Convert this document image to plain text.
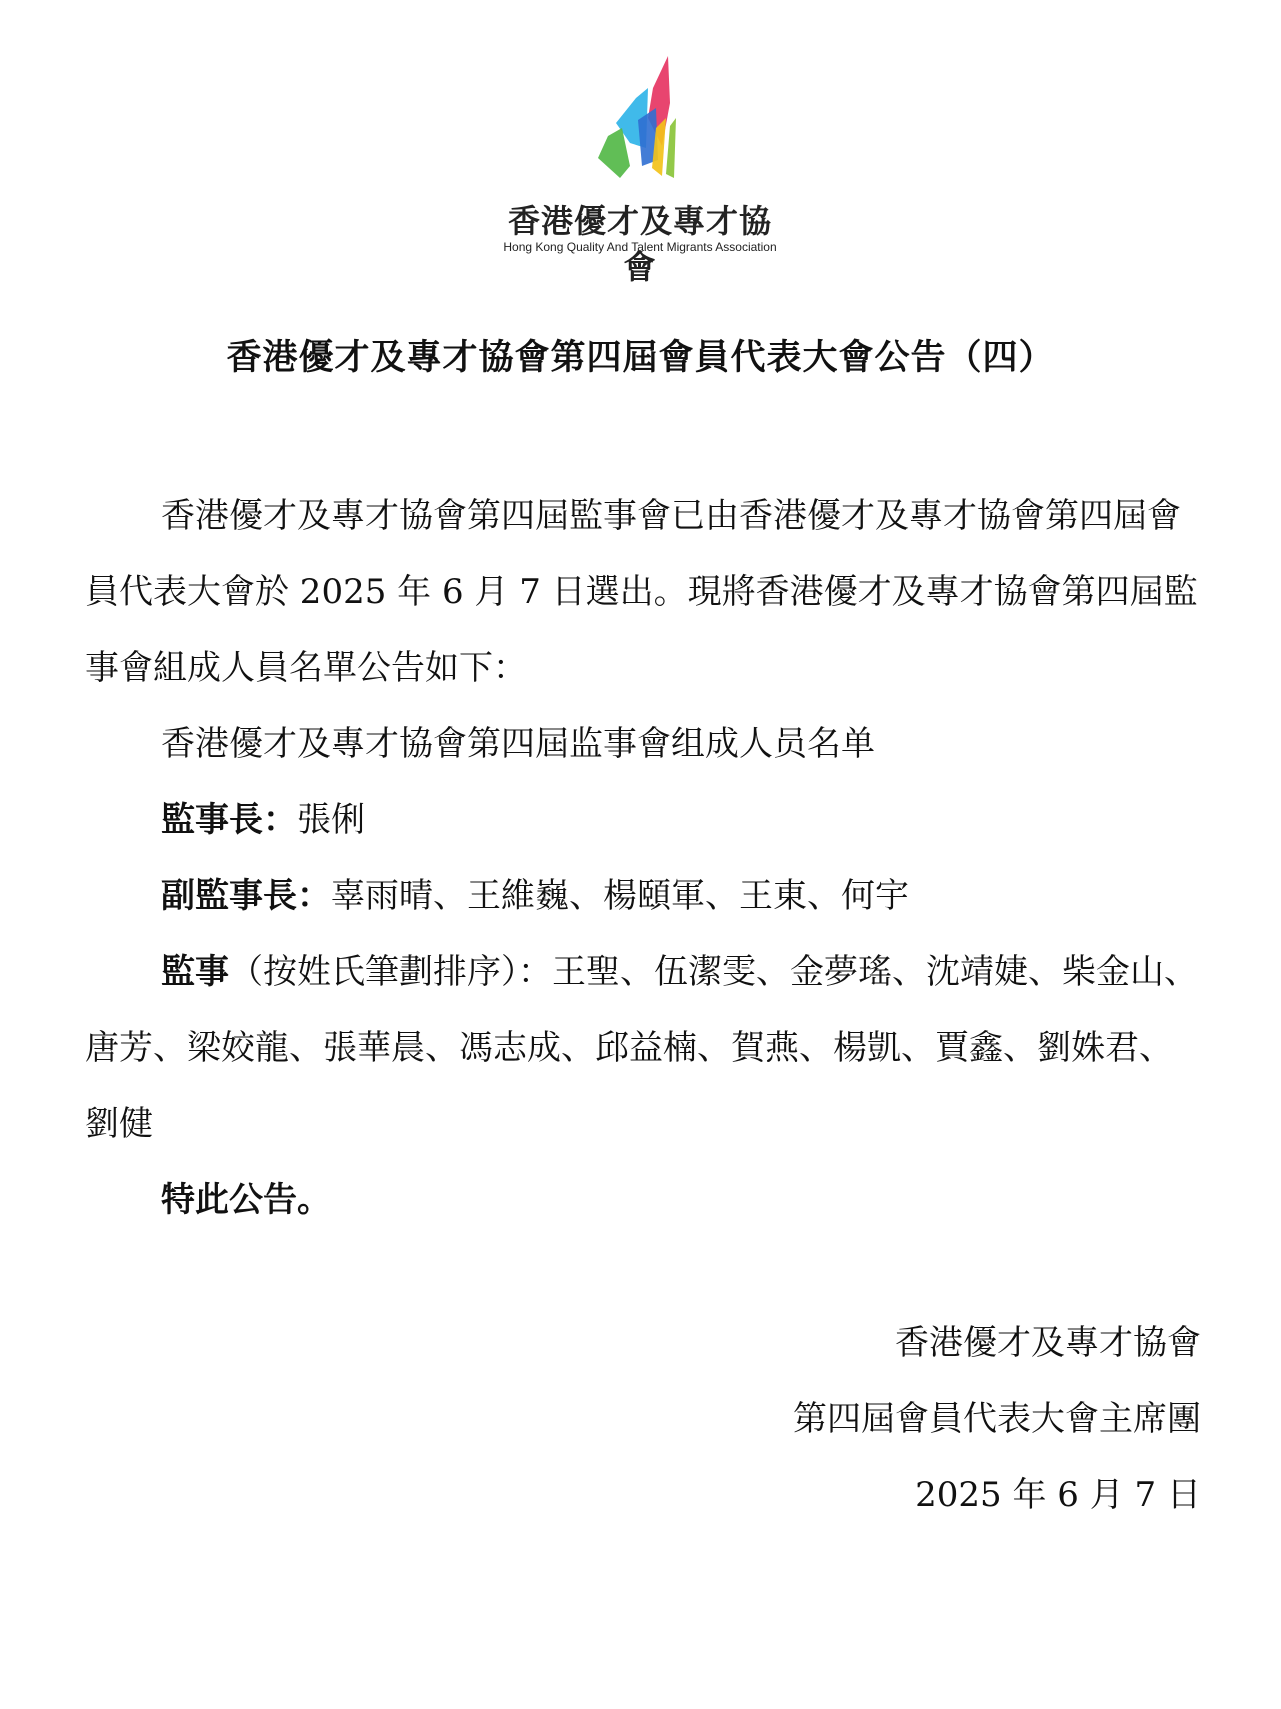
香港優才及專才協會
Hong Kong Quality And Talent Migrants Association
香港優才及專才協會第四屆會員代表大會公告（四）

香港優才及專才協會第四屆監事會已由香港優才及專才協會第四屆會員代表大會於 2025 年 6 月 7 日選出。現將香港優才及專才協會第四屆監事會組成人員名單公告如下：

香港優才及專才協會第四屆监事會组成人员名单

監事長：張俐

副監事長：辜雨晴、王維巍、楊頤軍、王東、何宇

監事（按姓氏筆劃排序）：王聖、伍潔雯、金夢瑤、沈靖婕、柴金山、唐芳、梁姣龍、張華晨、馮志成、邱益楠、賀燕、楊凱、賈鑫、劉姝君、劉健

特此公告。

香港優才及專才協會
第四屆會員代表大會主席團
2025 年 6 月 7 日
